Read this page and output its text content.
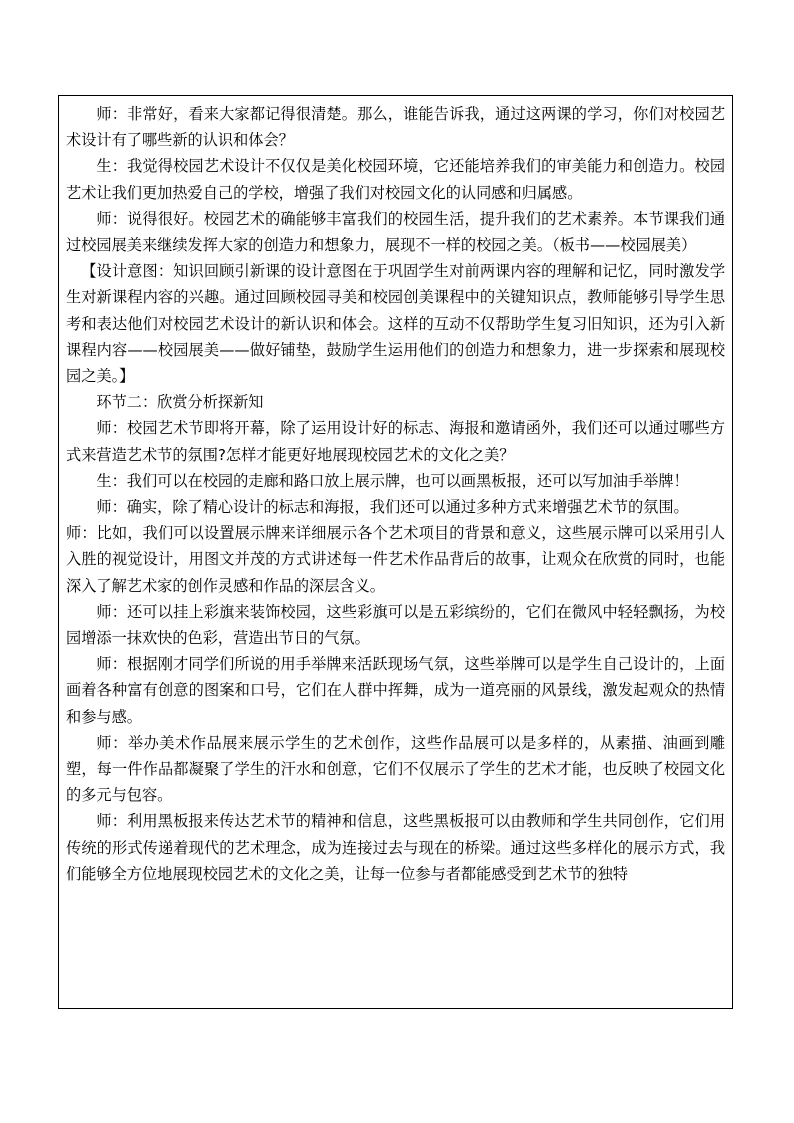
师：非常好，看来大家都记得很清楚。那么，谁能告诉我，通过这两课的学习，你们对校园艺术设计有了哪些新的认识和体会？

生：我觉得校园艺术设计不仅仅是美化校园环境，它还能培养我们的审美能力和创造力。校园艺术让我们更加热爱自己的学校，增强了我们对校园文化的认同感和归属感。

师：说得很好。校园艺术的确能够丰富我们的校园生活，提升我们的艺术素养。本节课我们通过校园展美来继续发挥大家的创造力和想象力，展现不一样的校园之美。（板书——校园展美）

【设计意图：知识回顾引新课的设计意图在于巩固学生对前两课内容的理解和记忆，同时激发学生对新课程内容的兴趣。通过回顾校园寻美和校园创美课程中的关键知识点，教师能够引导学生思考和表达他们对校园艺术设计的新认识和体会。这样的互动不仅帮助学生复习旧知识，还为引入新课程内容——校园展美——做好铺垫，鼓励学生运用他们的创造力和想象力，进一步探索和展现校园之美。】

环节二：欣赏分析探新知

师：校园艺术节即将开幕，除了运用设计好的标志、海报和邀请函外，我们还可以通过哪些方式来营造艺术节的氛围?怎样才能更好地展现校园艺术的文化之美？

生：我们可以在校园的走廊和路口放上展示牌，也可以画黑板报，还可以写加油手举牌！

师：确实，除了精心设计的标志和海报，我们还可以通过多种方式来增强艺术节的氛围。

师：比如，我们可以设置展示牌来详细展示各个艺术项目的背景和意义，这些展示牌可以采用引人入胜的视觉设计，用图文并茂的方式讲述每一件艺术作品背后的故事，让观众在欣赏的同时，也能深入了解艺术家的创作灵感和作品的深层含义。

师：还可以挂上彩旗来装饰校园，这些彩旗可以是五彩缤纷的，它们在微风中轻轻飘扬，为校园增添一抹欢快的色彩，营造出节日的气氛。

师：根据刚才同学们所说的用手举牌来活跃现场气氛，这些举牌可以是学生自己设计的，上面画着各种富有创意的图案和口号，它们在人群中挥舞，成为一道亮丽的风景线，激发起观众的热情和参与感。

师：举办美术作品展来展示学生的艺术创作，这些作品展可以是多样的，从素描、油画到雕塑，每一件作品都凝聚了学生的汗水和创意，它们不仅展示了学生的艺术才能，也反映了校园文化的多元与包容。

师：利用黑板报来传达艺术节的精神和信息，这些黑板报可以由教师和学生共同创作，它们用传统的形式传递着现代的艺术理念，成为连接过去与现在的桥梁。通过这些多样化的展示方式，我们能够全方位地展现校园艺术的文化之美，让每一位参与者都能感受到艺术节的独特
